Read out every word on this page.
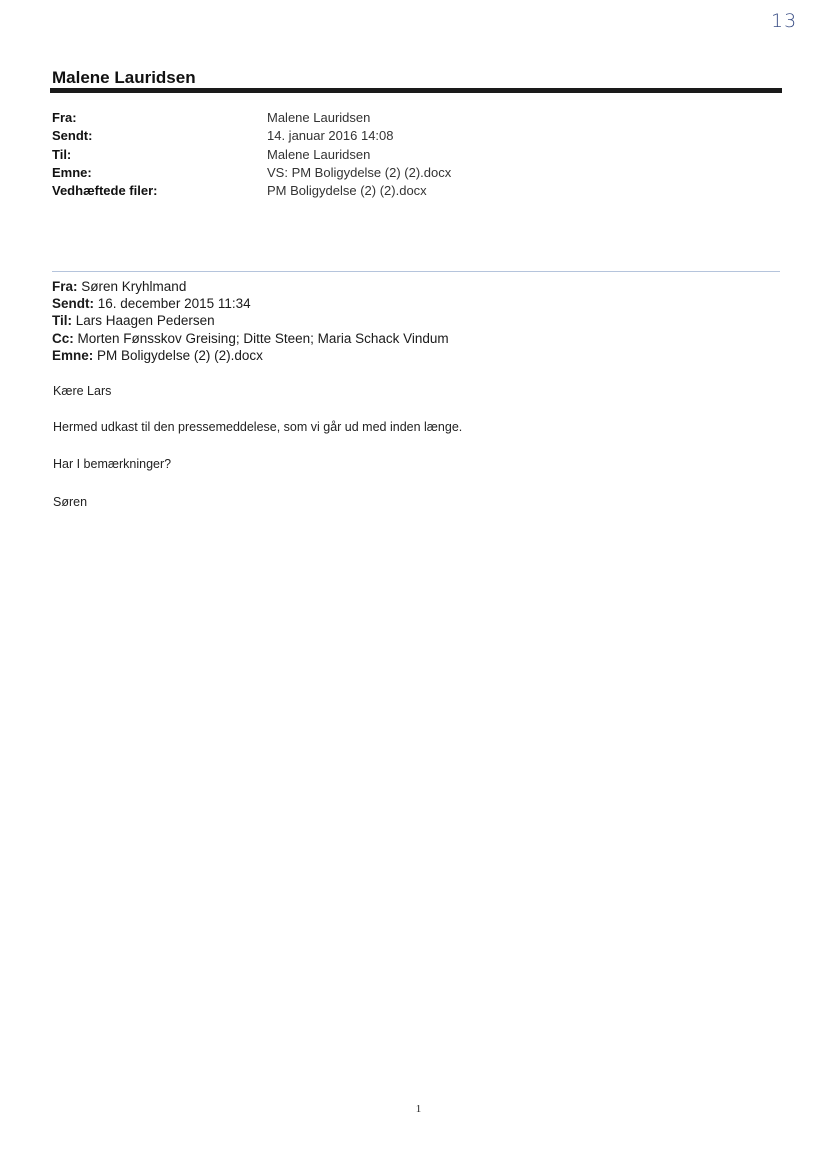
13
Malene Lauridsen
Fra:	Malene Lauridsen
Sendt:	14. januar 2016 14:08
Til:	Malene Lauridsen
Emne:	VS: PM Boligydelse (2) (2).docx
Vedhæftede filer:	PM Boligydelse (2) (2).docx
Fra: Søren Kryhlmand
Sendt: 16. december 2015 11:34
Til: Lars Haagen Pedersen
Cc: Morten Fønsskov Greising; Ditte Steen; Maria Schack Vindum
Emne: PM Boligydelse (2) (2).docx
Kære Lars
Hermed udkast til den pressemeddelese, som vi går ud med inden længe.
Har I bemærkninger?
Søren
1
